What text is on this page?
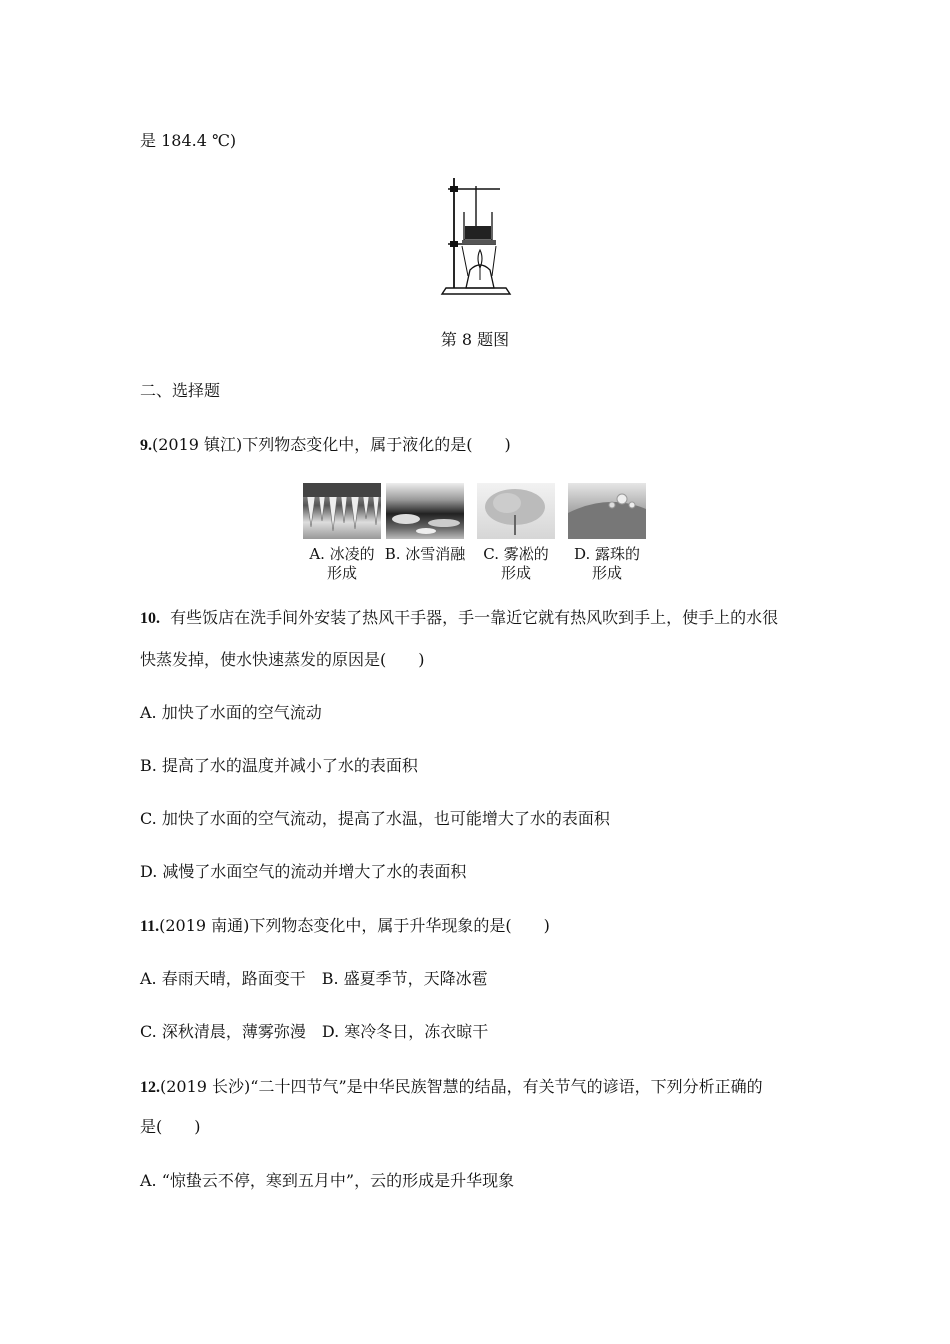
是 184.4 ℃)
第 8 题图
二、选择题
9.(2019 镇江)下列物态变化中，属于液化的是(　　)
A. 冰凌的
形成
B. 冰雪消融	C. 雾凇的
形成
D. 露珠的
形成
10. 有些饭店在洗手间外安装了热风干手器，手一靠近它就有热风吹到手上，使手上的水很
快蒸发掉，使水快速蒸发的原因是(　　)
A. 加快了水面的空气流动
B. 提高了水的温度并减小了水的表面积
C. 加快了水面的空气流动，提高了水温，也可能增大了水的表面积
D. 减慢了水面空气的流动并增大了水的表面积
11.(2019 南通)下列物态变化中，属于升华现象的是(　　)
A. 春雨天晴，路面变干　B. 盛夏季节，天降冰雹
C. 深秋清晨，薄雾弥漫　D. 寒冷冬日，冻衣晾干
12.(2019 长沙)“二十四节气”是中华民族智慧的结晶，有关节气的谚语，下列分析正确的
是(　　)
A. “惊蛰云不停，寒到五月中”，云的形成是升华现象
